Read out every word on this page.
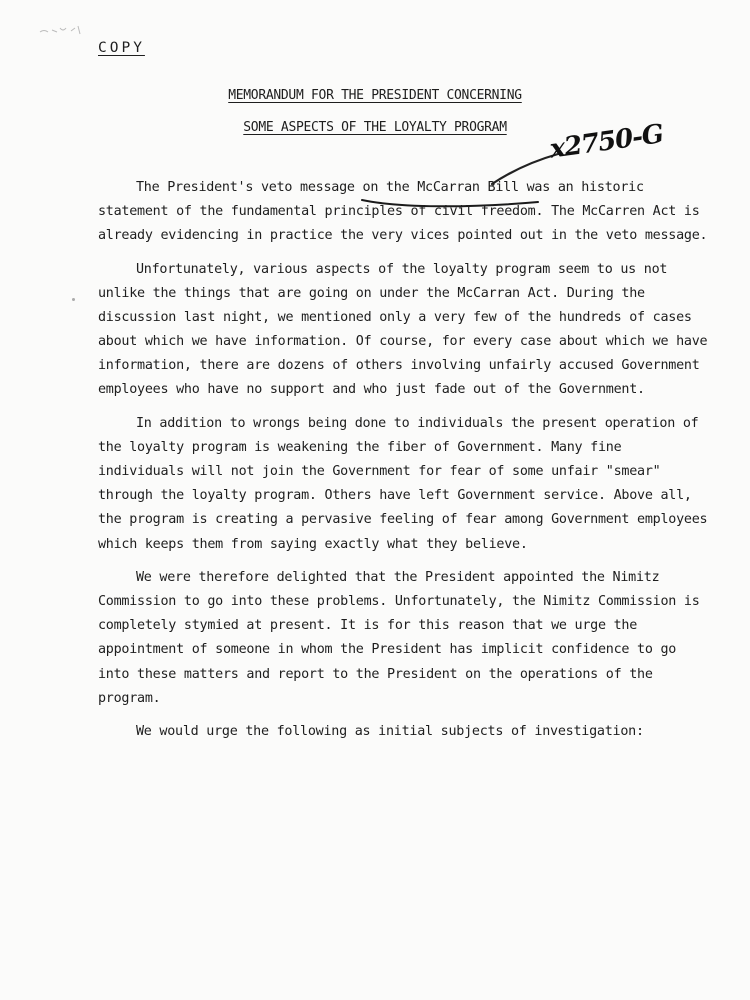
COPY
MEMORANDUM FOR THE PRESIDENT CONCERNING
SOME ASPECTS OF THE LOYALTY PROGRAM	x2750-G

The President's veto message on the McCarran Bill was an historic statement of the fundamental principles of civil freedom. The McCarren Act is already evidencing in practice the very vices pointed out in the veto message.

Unfortunately, various aspects of the loyalty program seem to us not unlike the things that are going on under the McCarran Act. During the discussion last night, we mentioned only a very few of the hundreds of cases about which we have information. Of course, for every case about which we have information, there are dozens of others involving unfairly accused Government employees who have no support and who just fade out of the Government.

In addition to wrongs being done to individuals the present operation of the loyalty program is weakening the fiber of Government. Many fine individuals will not join the Government for fear of some unfair "smear" through the loyalty program. Others have left Government service. Above all, the program is creating a pervasive feeling of fear among Government employees which keeps them from saying exactly what they believe.

We were therefore delighted that the President appointed the Nimitz Commission to go into these problems. Unfortunately, the Nimitz Commission is completely stymied at present. It is for this reason that we urge the appointment of someone in whom the President has implicit confidence to go into these matters and report to the President on the operations of the program.

We would urge the following as initial subjects of investigation:
